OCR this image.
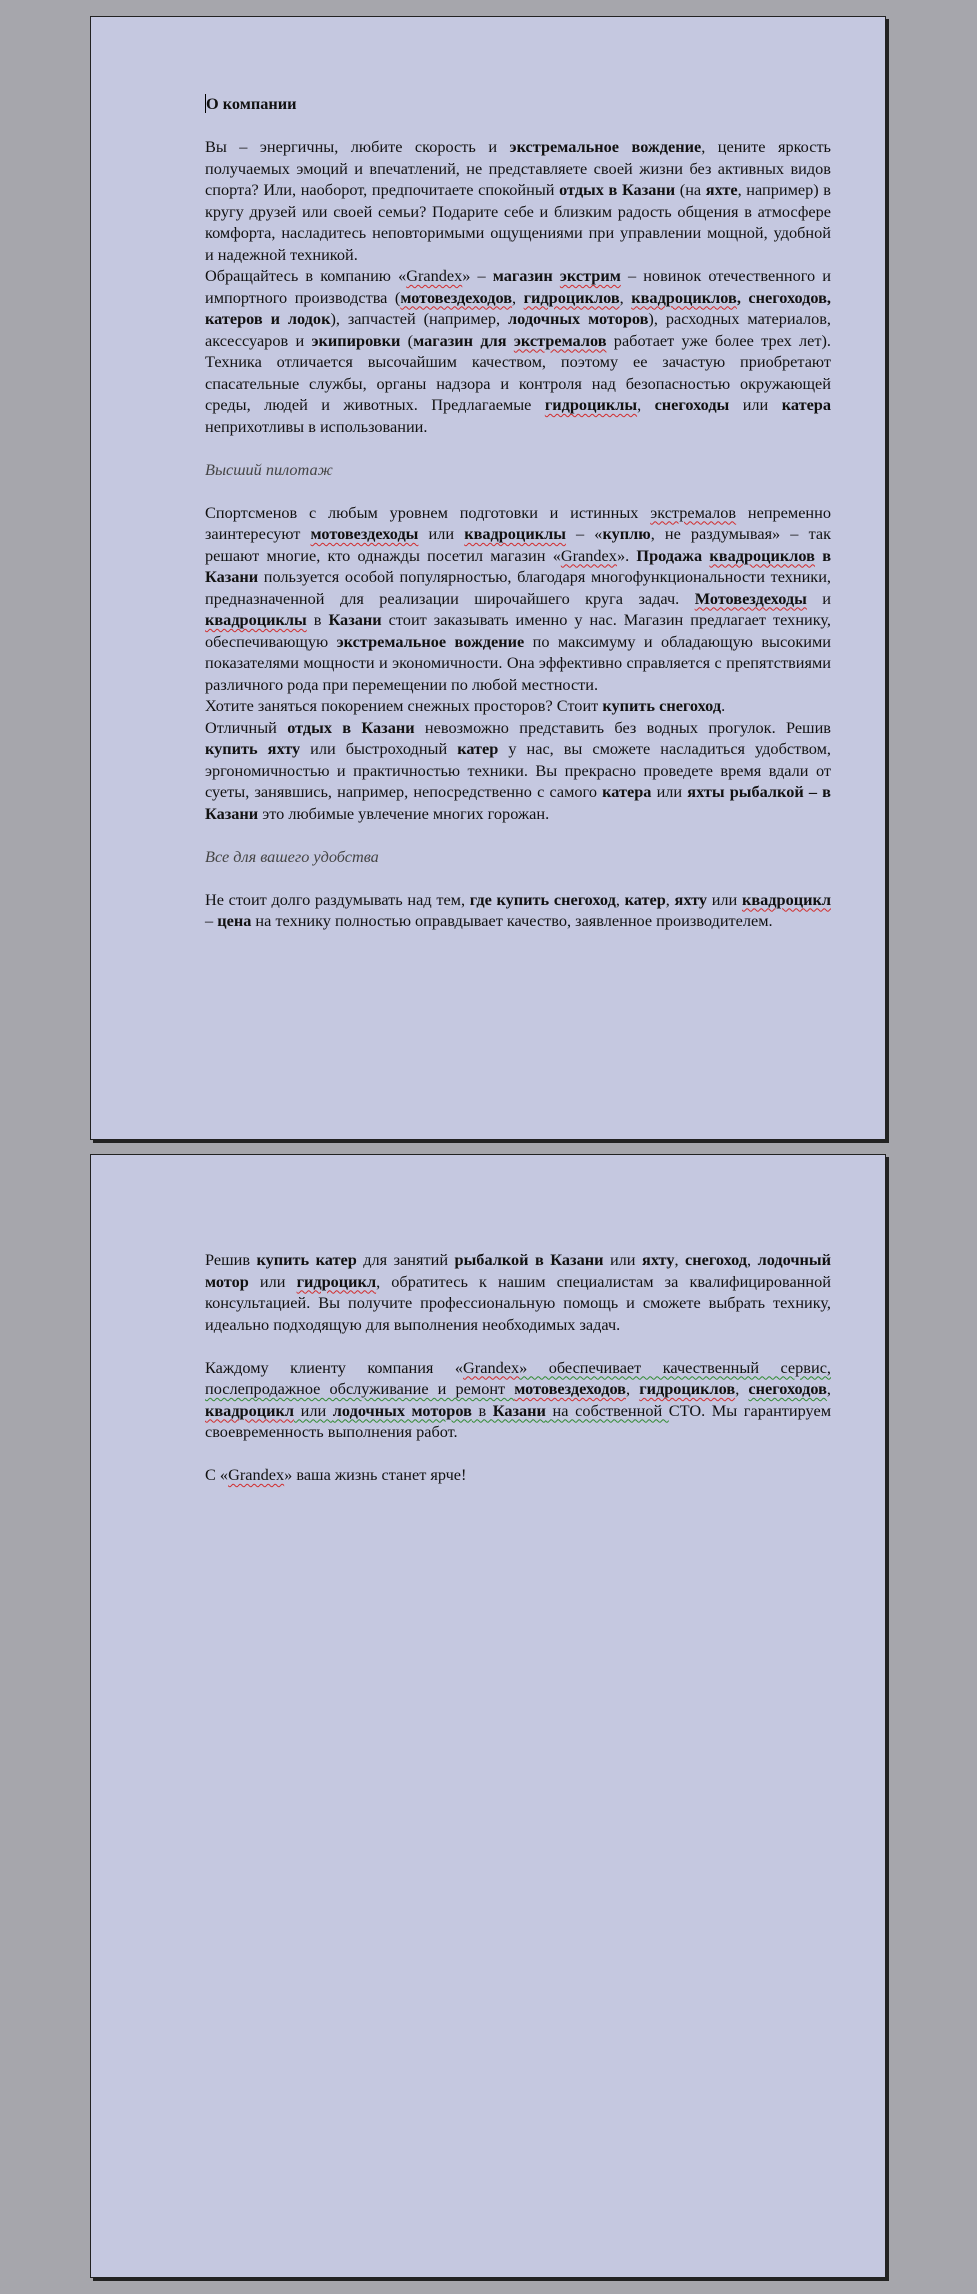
О компании

Вы – энергичны, любите скорость и экстремальное вождение, цените яркость получаемых эмоций и впечатлений, не представляете своей жизни без активных видов спорта? Или, наоборот, предпочитаете спокойный отдых в Казани (на яхте, например) в кругу друзей или своей семьи? Подарите себе и близким радость общения в атмосфере комфорта, насладитесь неповторимыми ощущениями при управлении мощной, удобной и надежной техникой.

Обращайтесь в компанию «Grandex» – магазин экстрим – новинок отечественного и импортного производства (мотовездеходов, гидроциклов, квадроциклов, снегоходов, катеров и лодок), запчастей (например, лодочных моторов), расходных материалов, аксессуаров и экипировки (магазин для экстремалов работает уже более трех лет). Техника отличается высочайшим качеством, поэтому ее зачастую приобретают спасательные службы, органы надзора и контроля над безопасностью окружающей среды, людей и животных. Предлагаемые гидроциклы, снегоходы или катера неприхотливы в использовании.

Высший пилотаж

Спортсменов с любым уровнем подготовки и истинных экстремалов непременно заинтересуют мотовездеходы или квадроциклы – «куплю, не раздумывая» – так решают многие, кто однажды посетил магазин «Grandex». Продажа квадроциклов в Казани пользуется особой популярностью, благодаря многофункциональности техники, предназначенной для реализации широчайшего круга задач. Мотовездеходы и квадроциклы в Казани стоит заказывать именно у нас. Магазин предлагает технику, обеспечивающую экстремальное вождение по максимуму и обладающую высокими показателями мощности и экономичности. Она эффективно справляется с препятствиями различного рода при перемещении по любой местности.

Хотите заняться покорением снежных просторов? Стоит купить снегоход.

Отличный отдых в Казани невозможно представить без водных прогулок. Решив купить яхту или быстроходный катер у нас, вы сможете насладиться удобством, эргономичностью и практичностью техники. Вы прекрасно проведете время вдали от суеты, занявшись, например, непосредственно с самого катера или яхты рыбалкой – в Казани это любимые увлечение многих горожан.

Все для вашего удобства

Не стоит долго раздумывать над тем, где купить снегоход, катер, яхту или квадроцикл – цена на технику полностью оправдывает качество, заявленное производителем.

Решив купить катер для занятий рыбалкой в Казани или яхту, снегоход, лодочный мотор или гидроцикл, обратитесь к нашим специалистам за квалифицированной консультацией. Вы получите профессиональную помощь и сможете выбрать технику, идеально подходящую для выполнения необходимых задач.

Каждому клиенту компания «Grandex» обеспечивает качественный сервис, послепродажное обслуживание и ремонт мотовездеходов, гидроциклов, снегоходов, квадроцикл или лодочных моторов в Казани на собственной СТО. Мы гарантируем своевременность выполнения работ.

С «Grandex» ваша жизнь станет ярче!
